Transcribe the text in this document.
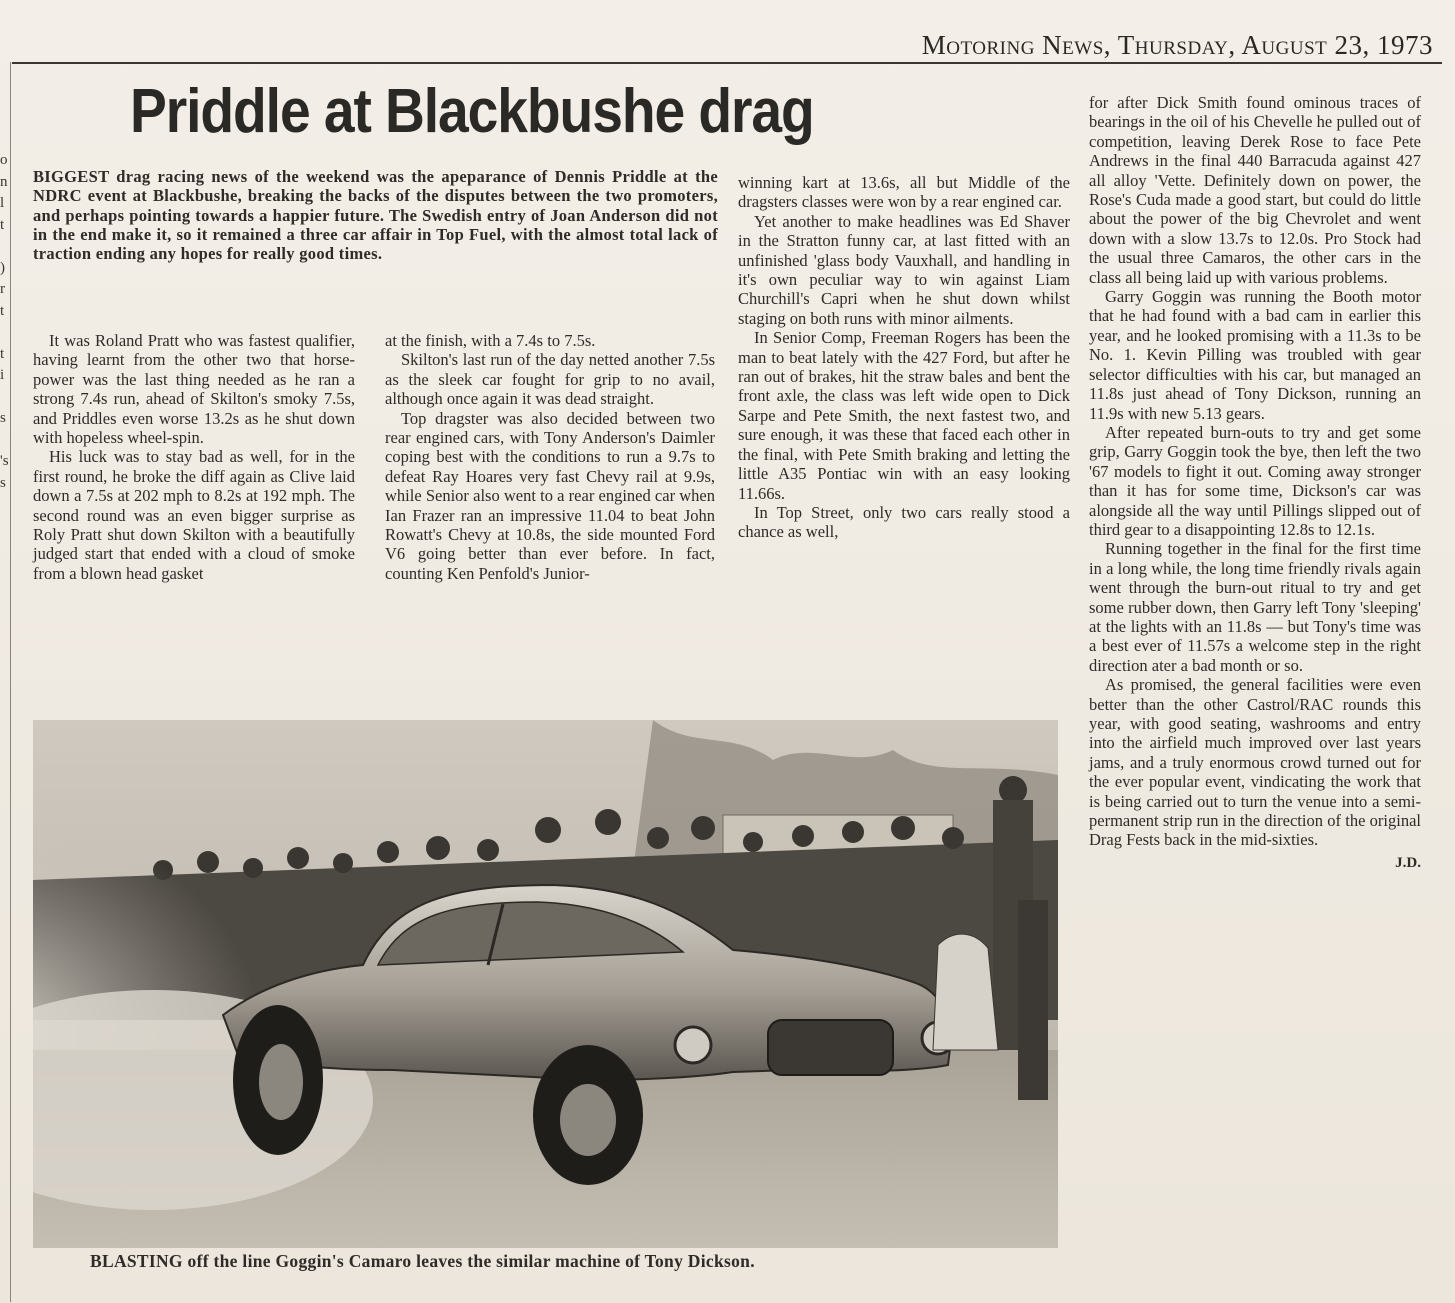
Motoring News, Thursday, August 23, 1973
o
n
l
t

)
r
t

t
i

s

's
s
Priddle at Blackbushe drag

BIGGEST drag racing news of the weekend was the apeparance of Dennis Priddle at the NDRC event at Blackbushe, breaking the backs of the disputes between the two promoters, and perhaps pointing towards a happier future. The Swedish entry of Joan Anderson did not in the end make it, so it remained a three car affair in Top Fuel, with the almost total lack of traction ending any hopes for really good times.

It was Roland Pratt who was fastest qualifier, having learnt from the other two that horse-power was the last thing needed as he ran a strong 7.4s run, ahead of Skilton's smoky 7.5s, and Priddles even worse 13.2s as he shut down with hopeless wheel-spin.

His luck was to stay bad as well, for in the first round, he broke the diff again as Clive laid down a 7.5s at 202 mph to 8.2s at 192 mph. The second round was an even bigger surprise as Roly Pratt shut down Skilton with a beautifully judged start that ended with a cloud of smoke from a blown head gasket

at the finish, with a 7.4s to 7.5s.

Skilton's last run of the day netted another 7.5s as the sleek car fought for grip to no avail, although once again it was dead straight.

Top dragster was also decided between two rear engined cars, with Tony Anderson's Daimler coping best with the conditions to run a 9.7s to defeat Ray Hoares very fast Chevy rail at 9.9s, while Senior also went to a rear engined car when Ian Frazer ran an impressive 11.04 to beat John Rowatt's Chevy at 10.8s, the side mounted Ford V6 going better than ever before. In fact, counting Ken Penfold's Junior-

winning kart at 13.6s, all but Middle of the dragsters classes were won by a rear engined car.

Yet another to make headlines was Ed Shaver in the Stratton funny car, at last fitted with an unfinished 'glass body Vauxhall, and handling in it's own peculiar way to win against Liam Churchill's Capri when he shut down whilst staging on both runs with minor ailments.

In Senior Comp, Freeman Rogers has been the man to beat lately with the 427 Ford, but after he ran out of brakes, hit the straw bales and bent the front axle, the class was left wide open to Dick Sarpe and Pete Smith, the next fastest two, and sure enough, it was these that faced each other in the final, with Pete Smith braking and letting the little A35 Pontiac win with an easy looking 11.66s.

In Top Street, only two cars really stood a chance as well,

for after Dick Smith found ominous traces of bearings in the oil of his Chevelle he pulled out of competition, leaving Derek Rose to face Pete Andrews in the final 440 Barracuda against 427 all alloy 'Vette. Definitely down on power, the Rose's Cuda made a good start, but could do little about the power of the big Chevrolet and went down with a slow 13.7s to 12.0s. Pro Stock had the usual three Camaros, the other cars in the class all being laid up with various problems.

Garry Goggin was running the Booth motor that he had found with a bad cam in earlier this year, and he looked promising with a 11.3s to be No. 1. Kevin Pilling was troubled with gear selector difficulties with his car, but managed an 11.8s just ahead of Tony Dickson, running an 11.9s with new 5.13 gears.

After repeated burn-outs to try and get some grip, Garry Goggin took the bye, then left the two '67 models to fight it out. Coming away stronger than it has for some time, Dickson's car was alongside all the way until Pillings slipped out of third gear to a disappointing 12.8s to 12.1s.

Running together in the final for the first time in a long while, the long time friendly rivals again went through the burn-out ritual to try and get some rubber down, then Garry left Tony 'sleeping' at the lights with an 11.8s — but Tony's time was a best ever of 11.57s a welcome step in the right direction ater a bad month or so.

As promised, the general facilities were even better than the other Castrol/RAC rounds this year, with good seating, washrooms and entry into the airfield much improved over last years jams, and a truly enormous crowd turned out for the ever popular event, vindicating the work that is being carried out to turn the venue into a semi-permanent strip run in the direction of the original Drag Fests back in the mid-sixties.

J.D.

BLASTING off the line Goggin's Camaro leaves the similar machine of Tony Dickson.
